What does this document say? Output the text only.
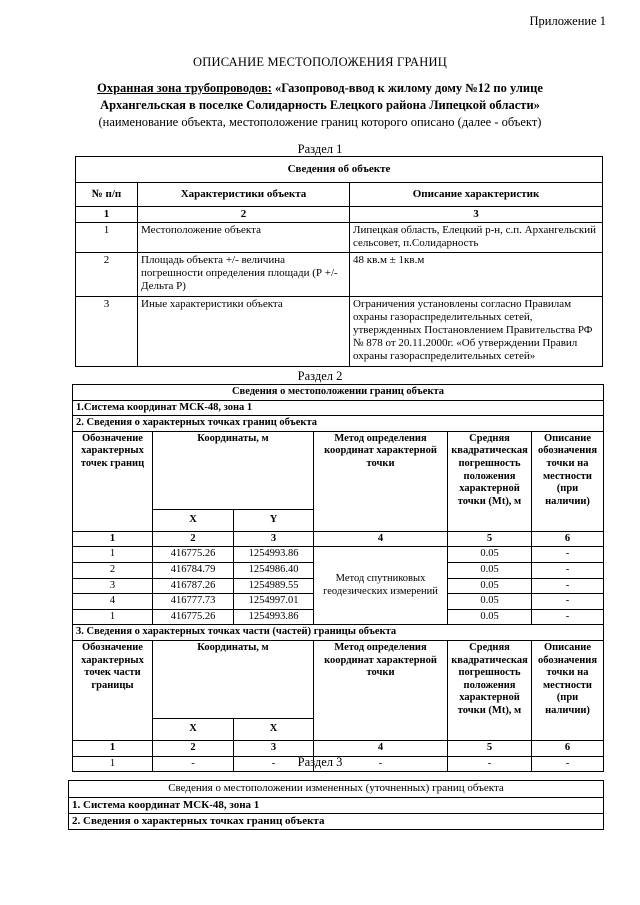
Приложение 1
ОПИСАНИЕ МЕСТОПОЛОЖЕНИЯ ГРАНИЦ
Охранная зона трубопроводов: «Газопровод-ввод к жилому дому №12 по улице
Архангельская в поселке Солидарность Елецкого района Липецкой области»
(наименование объекта, местоположение границ которого описано (далее - объект)
Раздел 1
Сведения об объекте		
№ п/п	Характеристики объекта	Описание характеристик
1	2	3
1	Местоположение объекта	Липецкая область, Елецкий р-н, с.п. Архангельский сельсовет, п.Солидарность
2	Площадь объекта +/- величина погрешности определения площади (Р +/- Дельта Р)	48 кв.м ± 1кв.м
3	Иные характеристики объекта	Ограничения установлены согласно Правилам охраны газораспределительных сетей, утвержденных Постановлением Правительства РФ № 878 от 20.11.2000г. «Об утверждении Правил охраны газораспределительных сетей»
Раздел 2
Сведения о местоположении границ объекта					
1.Система координат МСК-48, зона 1					
2. Сведения о характерных точках границ объекта					
Обозначение характерных точек границ	Координаты, м		Метод определения координат характерной точки	Средняя квадратическая погрешность положения характерной точки (Mt), м	Описание обозначения точки на местности (при наличии)
	X	Y			
1	2	3	4	5	6
1	416775.26	1254993.86	Метод спутниковых геодезических измерений	0.05	-
2	416784.79	1254986.40		0.05	-
3	416787.26	1254989.55		0.05	-
4	416777.73	1254997.01		0.05	-
1	416775.26	1254993.86		0.05	-
3. Сведения о характерных точках части (частей) границы объекта					
Обозначение характерных точек части границы	Координаты, м		Метод определения координат характерной точки	Средняя квадратическая погрешность положения характерной точки (Mt), м	Описание обозначения точки на местности (при наличии)
	X	X			
1	2	3	4	5	6
1	-	-	-	-	-
Раздел 3
Сведения о местоположении измененных (уточненных) границ объекта
1. Система координат МСК-48, зона 1
2. Сведения о характерных точках границ объекта
